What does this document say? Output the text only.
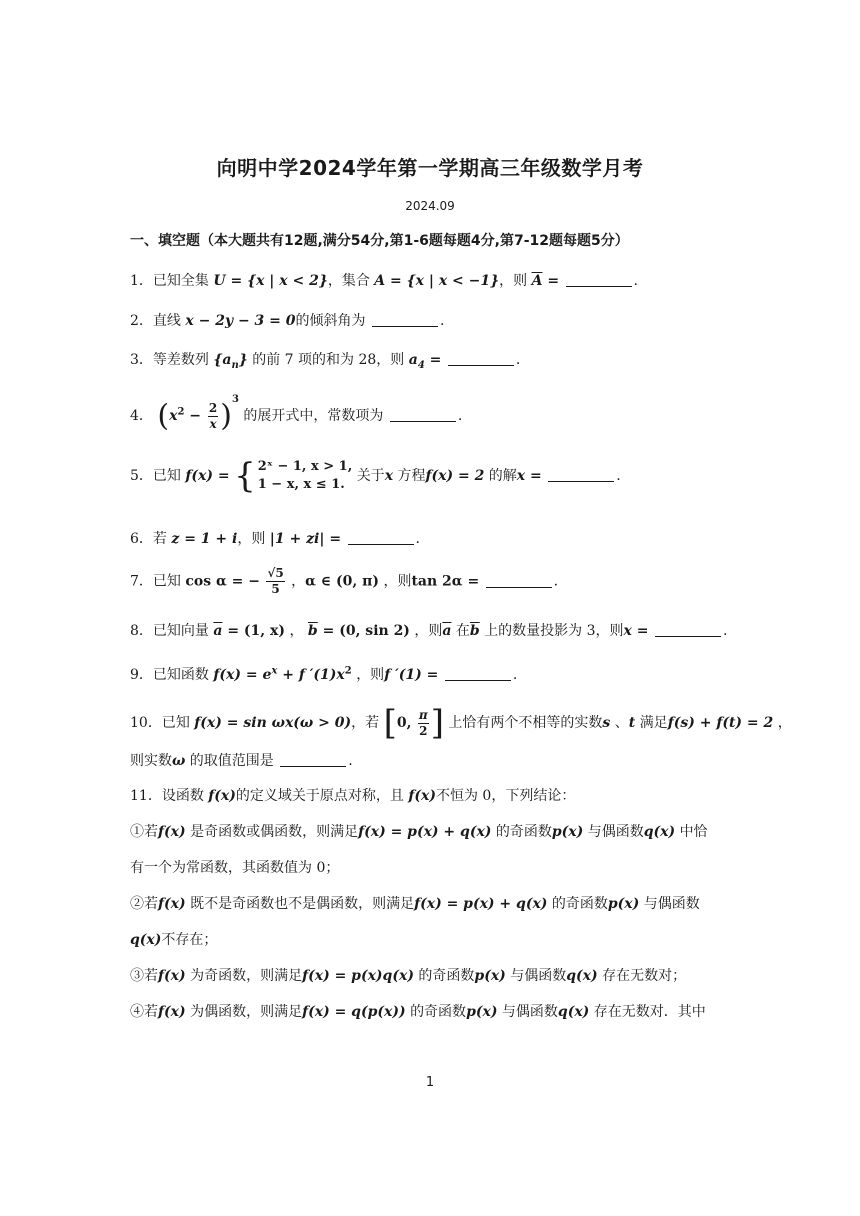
向明中学2024学年第一学期高三年级数学月考
2024.09
一、填空题（本大题共有12题,满分54分,第1-6题每题4分,第7-12题每题5分）
1．已知全集 U = {x | x < 2}，集合 A = {x | x < −1}，则 $\overline{A}$ =	.
2．直线 x − 2y − 3 = 0的倾斜角为	.
3．等差数列 $\{a_n\}$ 的前 7 项的和为 28，则 $a_4$ =	.
4． $(x^2 - \frac{2}{x} )^3$ 的展开式中，常数项为	.
5．已知 f(x) = { 2ˣ − 1, x > 1,
1 − x, x ≤ 1.
关于x 方程f(x) = 2 的解x =	.
6．若 z = 1 + i，则 |1 + zi| =	.
7．已知 cos α = − $\frac{√5}{5}$ ，α ∈ (0, π) ，则tan 2α =	.
8．已知向量 $\overline{a} = (1$, x) ， $\overline{b} = (0$, sin 2) ，则$\overline{a}$ 在$\overline{b}$ 上的数量投影为 3，则x =	.
9．已知函数 $f(x) = e^x + f$ $'(1)x^2$ ，则f ′(1) =	.
10．已知 f(x) = sin ωx(ω > 0)，若 [0, $\frac{\pi}{2}$ ] 上恰有两个不相等的实数s 、t 满足f(s) + f(t) = 2 ，
则实数ω 的取值范围是	.
11．设函数 f(x)的定义域关于原点对称，且 f(x)不恒为 0，下列结论：
①若f(x) 是奇函数或偶函数，则满足f(x) = p(x) + q(x) 的奇函数p(x) 与偶函数q(x) 中恰
有一个为常函数，其函数值为 0；
②若f(x) 既不是奇函数也不是偶函数，则满足f(x) = p(x) + q(x) 的奇函数p(x) 与偶函数
q(x)不存在；
③若f(x) 为奇函数，则满足f(x) = p(x)q(x) 的奇函数p(x) 与偶函数q(x) 存在无数对；
④若f(x) 为偶函数，则满足f(x) = q(p(x)) 的奇函数p(x) 与偶函数q(x) 存在无数对．其中
1
